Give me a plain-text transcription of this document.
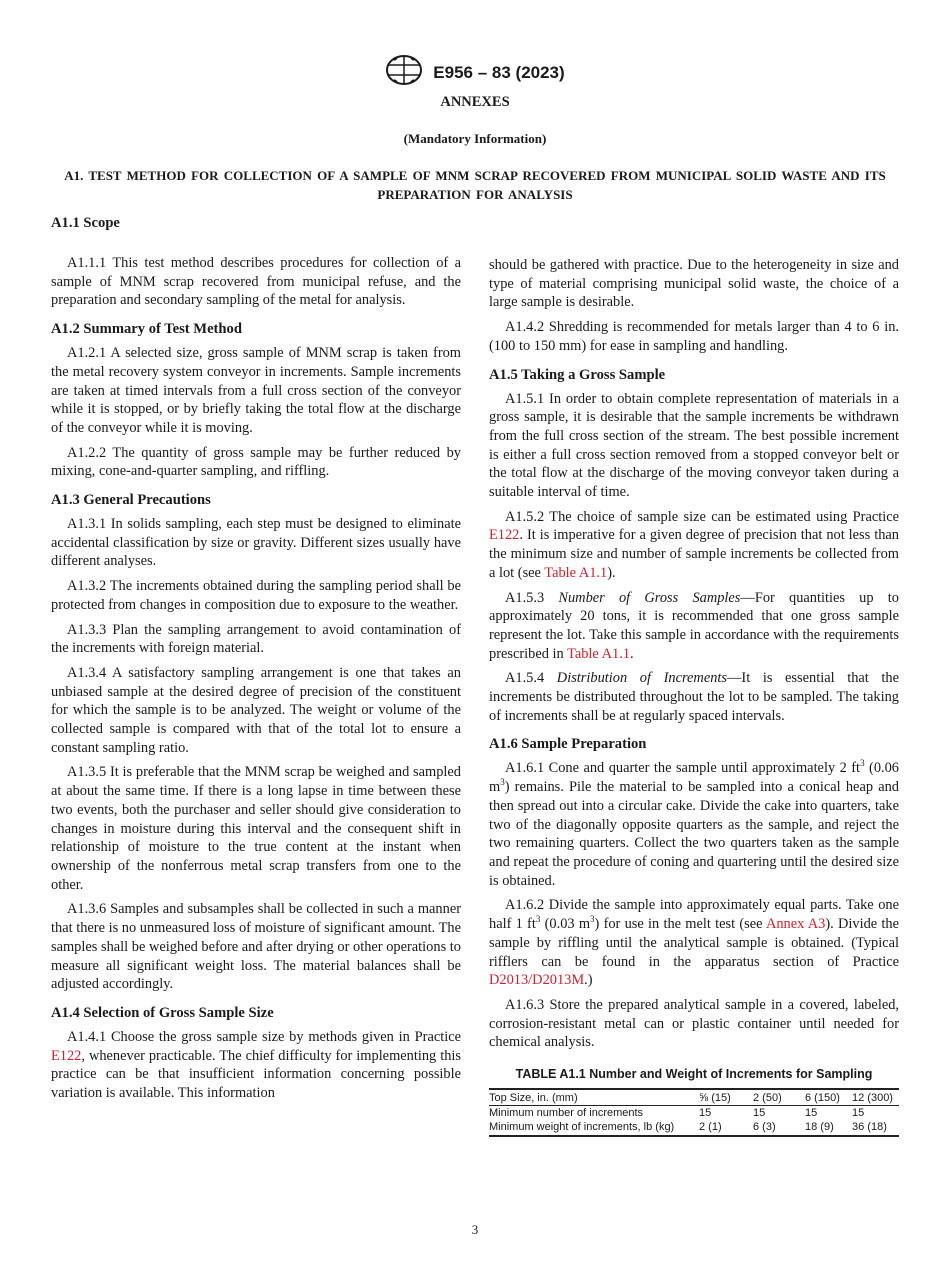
E956 – 83 (2023)
ANNEXES
(Mandatory Information)
A1. TEST METHOD FOR COLLECTION OF A SAMPLE OF MNM SCRAP RECOVERED FROM MUNICIPAL SOLID WASTE AND ITS PREPARATION FOR ANALYSIS
A1.1 Scope

A1.1.1 This test method describes procedures for collection of a sample of MNM scrap recovered from municipal refuse, and the preparation and secondary sampling of the metal for analysis.

A1.2 Summary of Test Method

A1.2.1 A selected size, gross sample of MNM scrap is taken from the metal recovery system conveyor in increments. Sample increments are taken at timed intervals from a full cross section of the conveyor while it is stopped, or by briefly taking the total flow at the discharge of the conveyor while it is moving.

A1.2.2 The quantity of gross sample may be further reduced by mixing, cone-and-quarter sampling, and riffling.

A1.3 General Precautions

A1.3.1 In solids sampling, each step must be designed to eliminate accidental classification by size or gravity. Different sizes usually have different analyses.

A1.3.2 The increments obtained during the sampling period shall be protected from changes in composition due to exposure to the weather.

A1.3.3 Plan the sampling arrangement to avoid contamination of the increments with foreign material.

A1.3.4 A satisfactory sampling arrangement is one that takes an unbiased sample at the desired degree of precision of the constituent for which the sample is to be analyzed. The weight or volume of the collected sample is compared with that of the total lot to ensure a constant sampling ratio.

A1.3.5 It is preferable that the MNM scrap be weighed and sampled at about the same time. If there is a long lapse in time between these two events, both the purchaser and seller should give consideration to changes in moisture during this interval and the consequent shift in relationship of moisture to the true content at the instant when ownership of the nonferrous metal scrap transfers from one to the other.

A1.3.6 Samples and subsamples shall be collected in such a manner that there is no unmeasured loss of moisture of significant amount. The samples shall be weighed before and after drying or other operations to measure all significant weight loss. The material balances shall be adjusted accordingly.

A1.4 Selection of Gross Sample Size

A1.4.1 Choose the gross sample size by methods given in Practice E122, whenever practicable. The chief difficulty for implementing this practice can be that insufficient information concerning possible variation is available. This information

should be gathered with practice. Due to the heterogeneity in size and type of material comprising municipal solid waste, the choice of a large sample is desirable.

A1.4.2 Shredding is recommended for metals larger than 4 to 6 in. (100 to 150 mm) for ease in sampling and handling.

A1.5 Taking a Gross Sample

A1.5.1 In order to obtain complete representation of materials in a gross sample, it is desirable that the sample increments be withdrawn from the full cross section of the stream. The best possible increment is either a full cross section removed from a stopped conveyor belt or the total flow at the discharge of the moving conveyor taken during a suitable interval of time.

A1.5.2 The choice of sample size can be estimated using Practice E122. It is imperative for a given degree of precision that not less than the minimum size and number of sample increments be collected from a lot (see Table A1.1).

A1.5.3 Number of Gross Samples—For quantities up to approximately 20 tons, it is recommended that one gross sample represent the lot. Take this sample in accordance with the requirements prescribed in Table A1.1.

A1.5.4 Distribution of Increments—It is essential that the increments be distributed throughout the lot to be sampled. The taking of increments shall be at regularly spaced intervals.

A1.6 Sample Preparation

A1.6.1 Cone and quarter the sample until approximately 2 $ft^3$ (0.06 $m^3$) remains. Pile the material to be sampled into a conical heap and then spread out into a circular cake. Divide the cake into quarters, take two of the diagonally opposite quarters as the sample, and reject the two remaining quarters. Collect the two quarters taken as the sample and repeat the procedure of coning and quartering until the desired size is obtained.

A1.6.2 Divide the sample into approximately equal parts. Take one half 1 $ft^3$ (0.03 $m^3$) for use in the melt test (see Annex A3). Divide the sample by riffling until the analytical sample is obtained. (Typical rifflers can be found in the apparatus section of Practice D2013/D2013M.)

A1.6.3 Store the prepared analytical sample in a covered, labeled, corrosion-resistant metal can or plastic container until needed for chemical analysis.

TABLE A1.1 Number and Weight of Increments for Sampling
Top Size, in. (mm)	⅝ (15)	2 (50)	6 (150)	12 (300)
Minimum number of increments	15	15	15	15
Minimum weight of increments, lb (kg)	2 (1)	6 (3)	18 (9)	36 (18)
3
